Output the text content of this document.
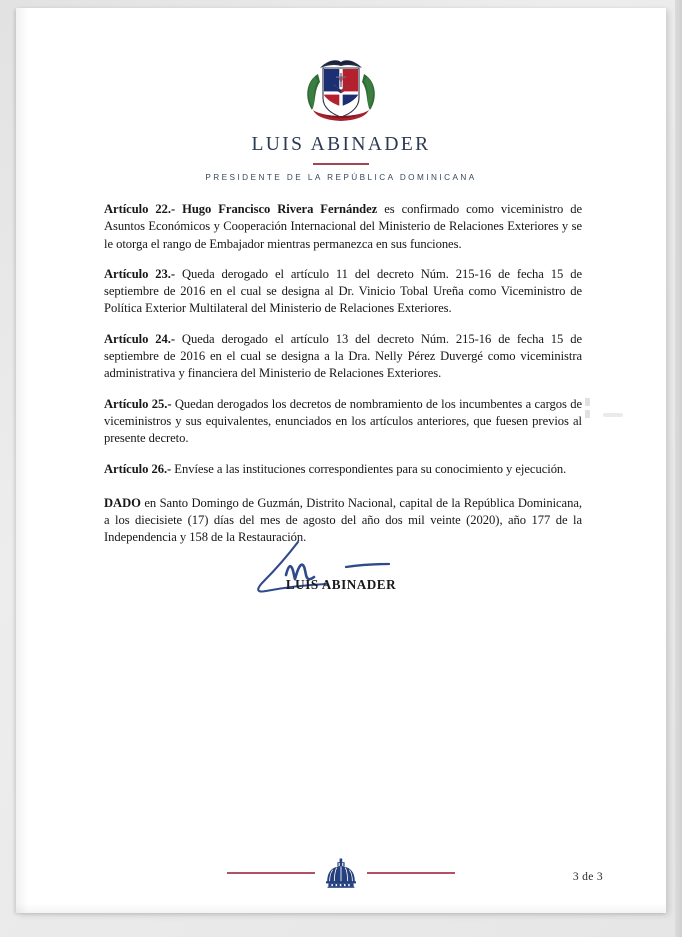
LUIS ABINADER
PRESIDENTE DE LA REPÚBLICA DOMINICANA

Artículo 22.- Hugo Francisco Rivera Fernández es confirmado como viceministro de Asuntos Económicos y Cooperación Internacional del Ministerio de Relaciones Exteriores y se le otorga el rango de Embajador mientras permanezca en sus funciones.

Artículo 23.- Queda derogado el artículo 11 del decreto Núm. 215-16 de fecha 15 de septiembre de 2016 en el cual se designa al Dr. Vinicio Tobal Ureña como Viceministro de Política Exterior Multilateral del Ministerio de Relaciones Exteriores.

Artículo 24.- Queda derogado el artículo 13 del decreto Núm. 215-16 de fecha 15 de septiembre de 2016 en el cual se designa a la Dra. Nelly Pérez Duvergé como viceministra administrativa y financiera del Ministerio de Relaciones Exteriores.

Artículo 25.- Quedan derogados los decretos de nombramiento de los incumbentes a cargos de viceministros y sus equivalentes, enunciados en los artículos anteriores, que fuesen previos al presente decreto.

Artículo 26.- Envíese a las instituciones correspondientes para su conocimiento y ejecución.

DADO en Santo Domingo de Guzmán, Distrito Nacional, capital de la República Dominicana, a los diecisiete (17) días del mes de agosto del año dos mil veinte (2020), año 177 de la Independencia y 158 de la Restauración.

LUIS ABINADER
3 de 3
